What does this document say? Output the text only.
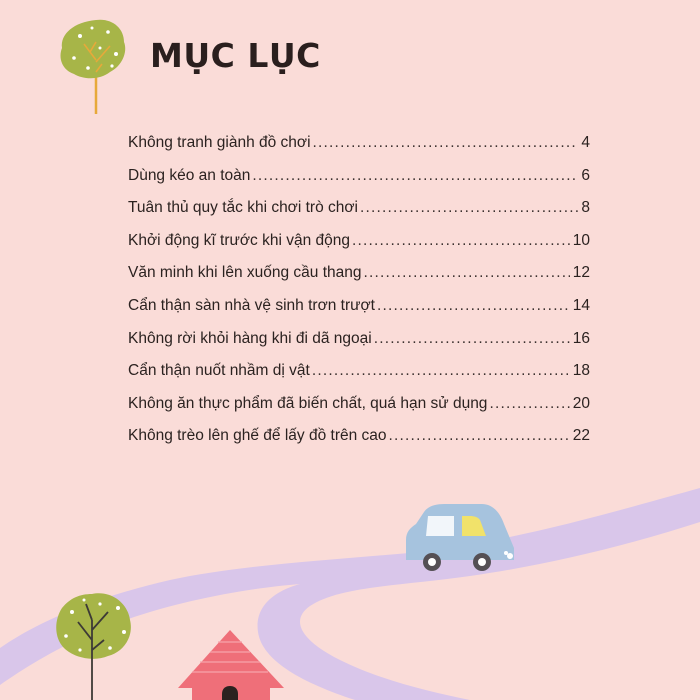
MỤC LỤC
Không tranh giành đồ chơi .....	4
Dùng kéo an toàn .....	6
Tuân thủ quy tắc khi chơi trò chơi .....	8
Khởi động kĩ trước khi vận động .....	10
Văn minh khi lên xuống cầu thang .....	12
Cẩn thận sàn nhà vệ sinh trơn trượt .....	14
Không rời khỏi hàng khi đi dã ngoại .....	16
Cẩn thận nuốt nhầm dị vật .....	18
Không ăn thực phẩm đã biến chất, quá hạn sử dụng .....	20
Không trèo lên ghế để lấy đồ trên cao .....	22
